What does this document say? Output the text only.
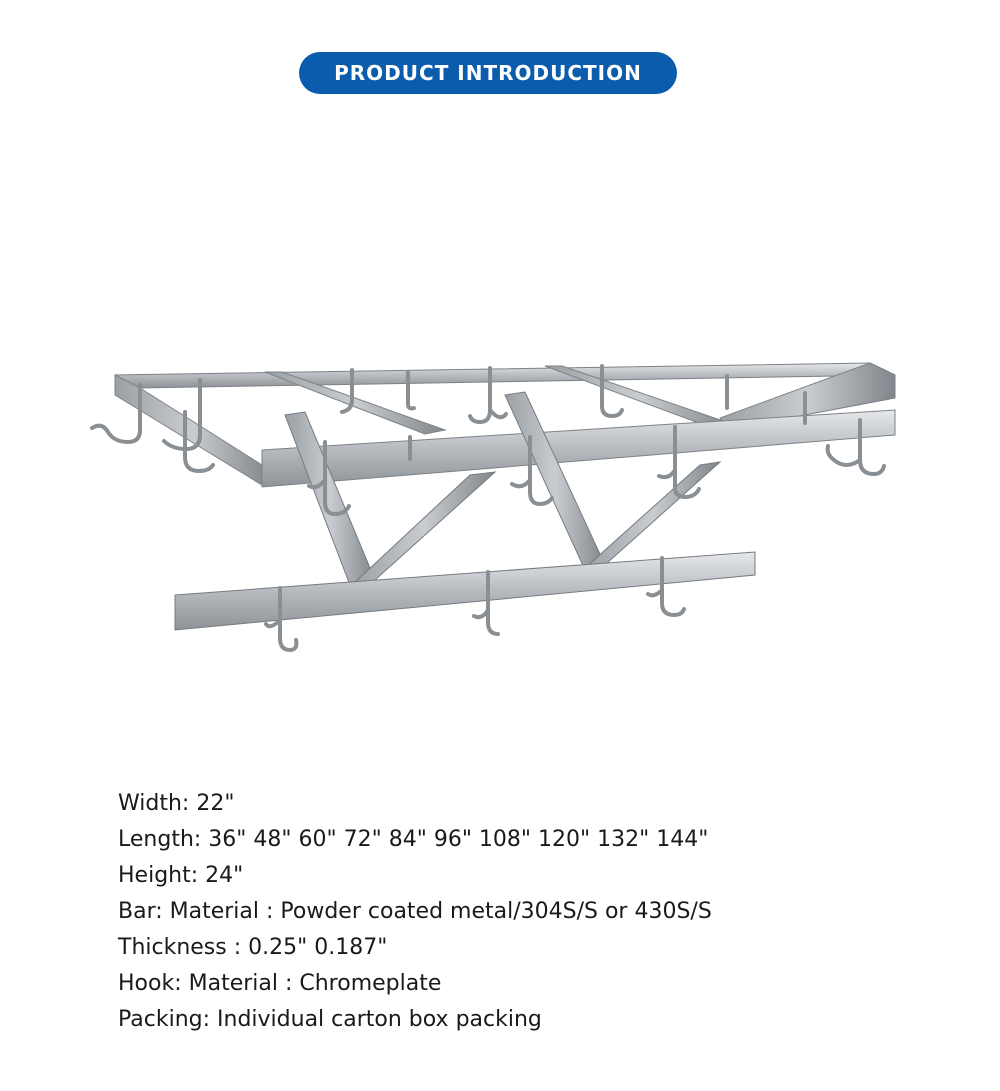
PRODUCT INTRODUCTION
Width: 22"
Length: 36" 48" 60" 72" 84" 96" 108" 120" 132" 144"
Height: 24"
Bar: Material : Powder coated metal/304S/S or 430S/S
Thickness : 0.25" 0.187"
Hook: Material : Chromeplate
Packing: Individual carton box packing
